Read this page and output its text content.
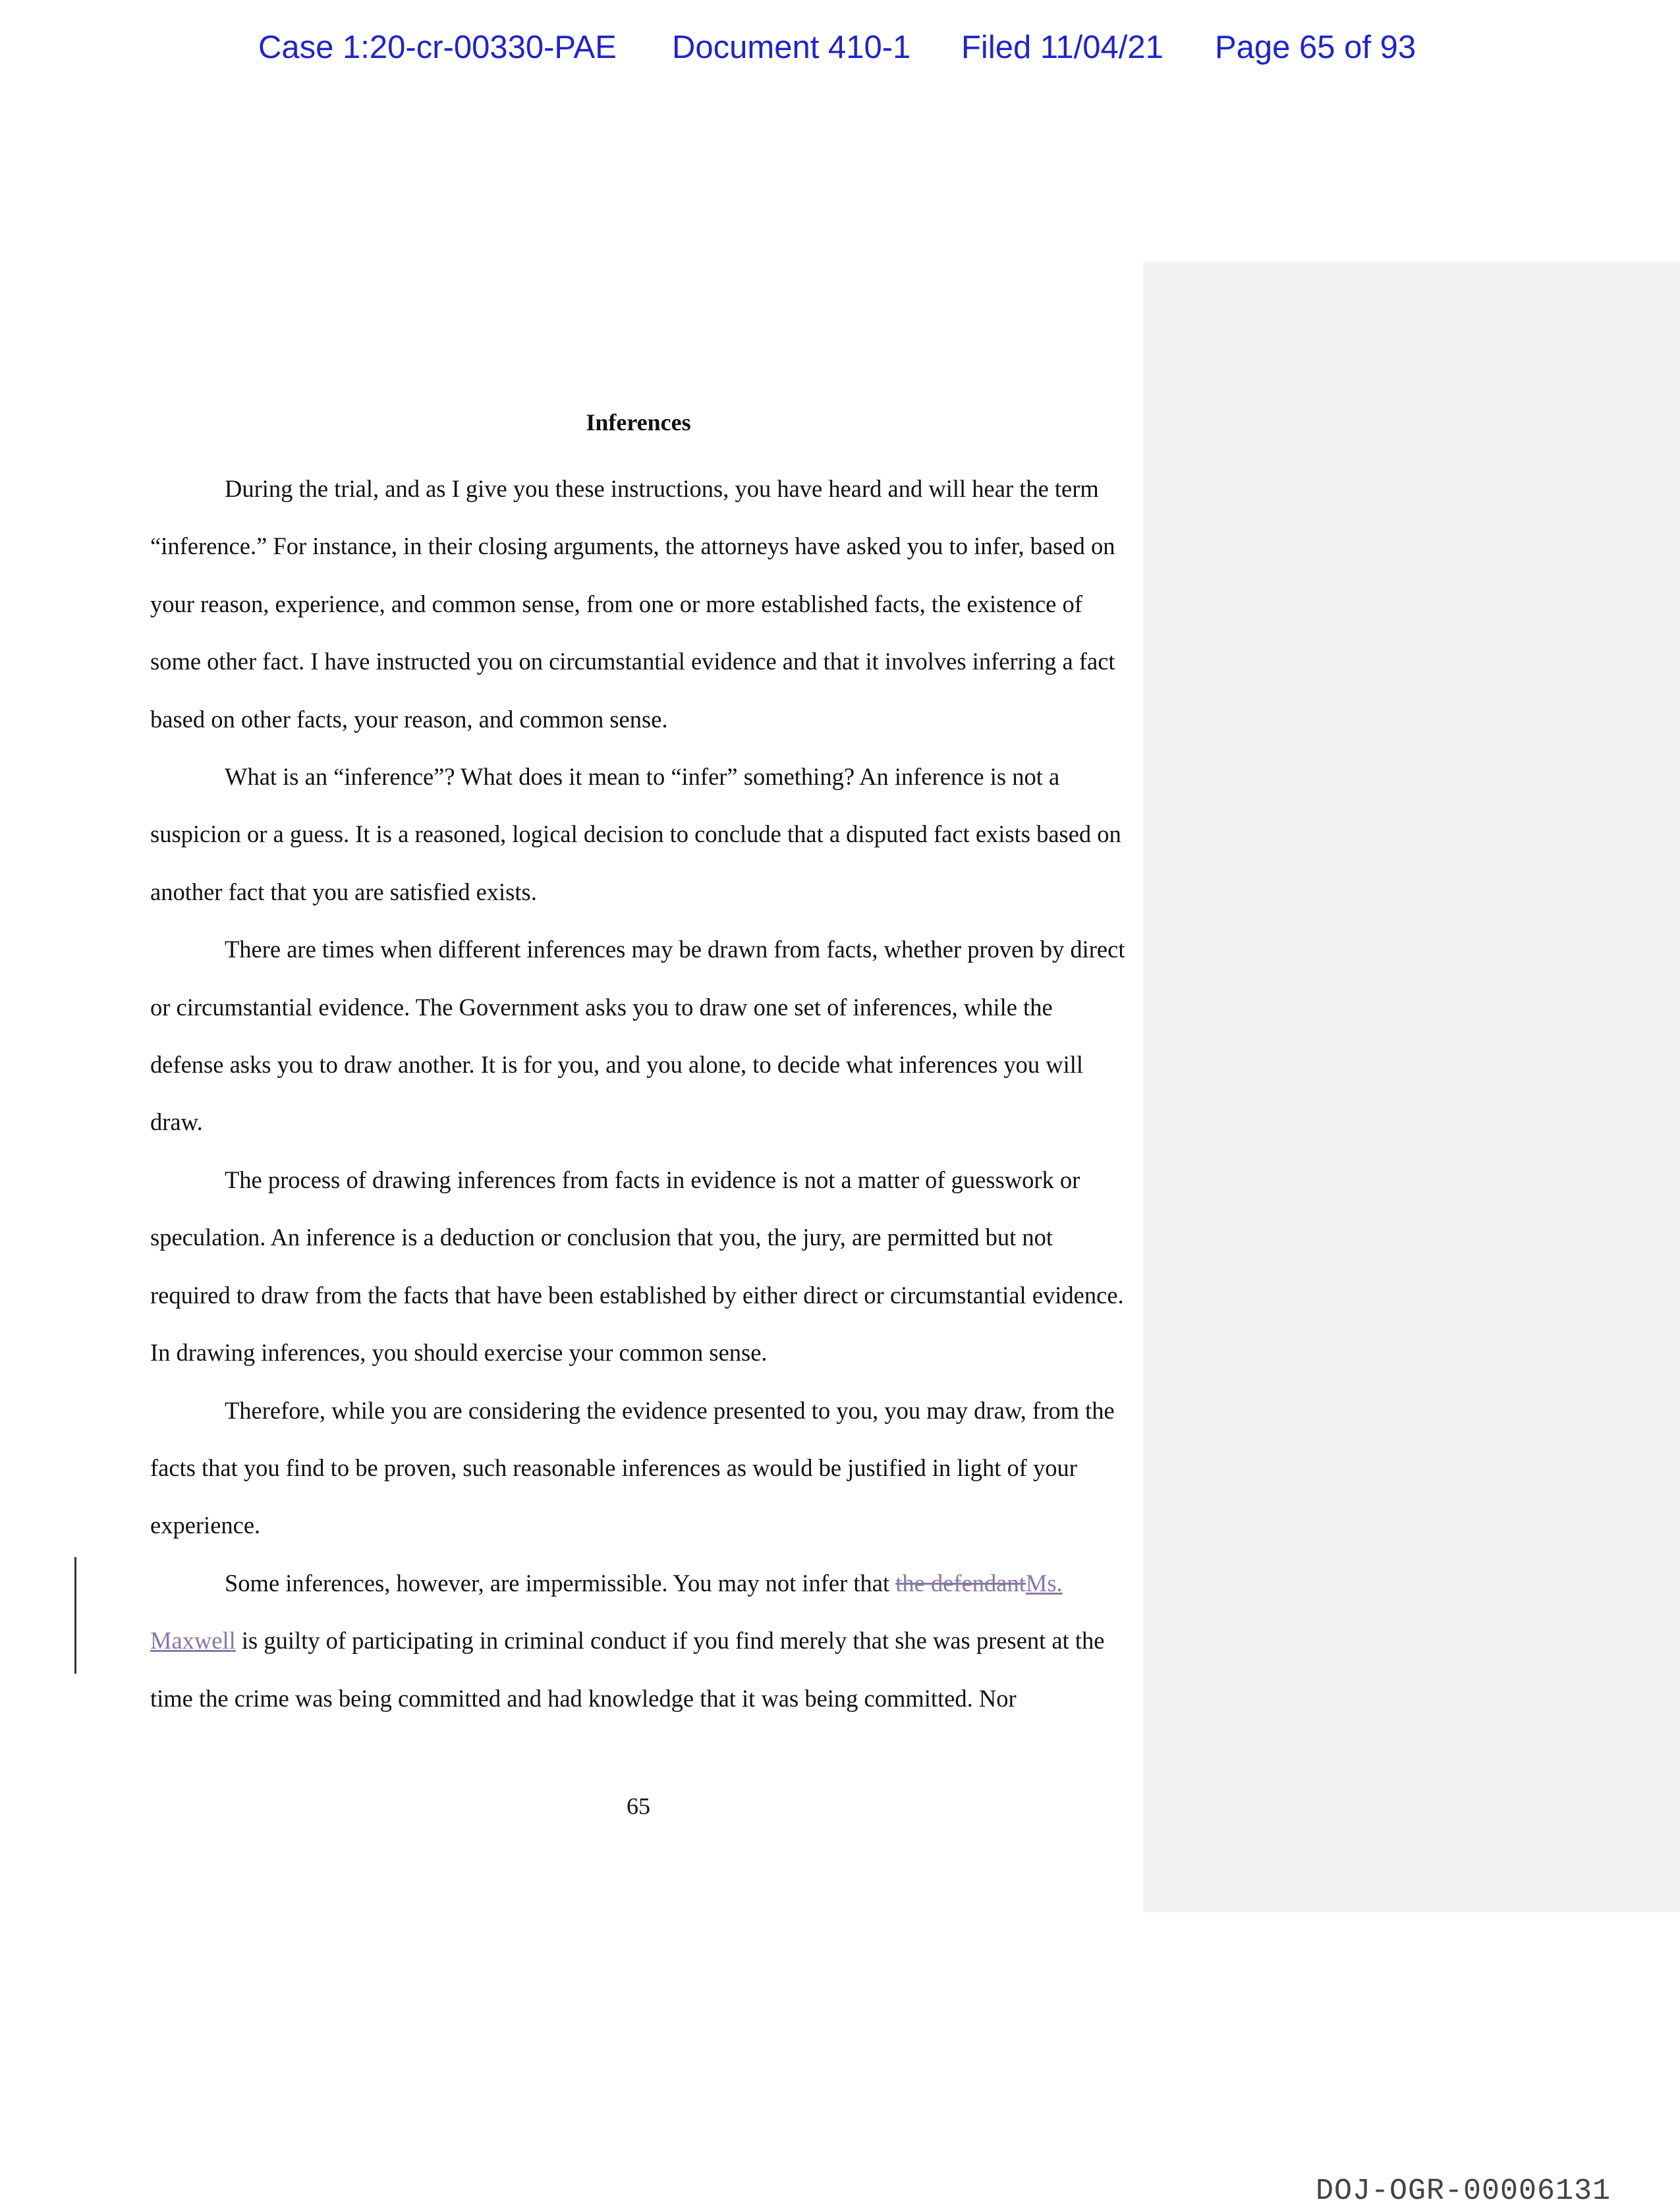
Case 1:20-cr-00330-PAE Document 410-1 Filed 11/04/21 Page 65 of 93
Inferences

During the trial, and as I give you these instructions, you have heard and will hear the term “inference.” For instance, in their closing arguments, the attorneys have asked you to infer, based on your reason, experience, and common sense, from one or more established facts, the existence of some other fact. I have instructed you on circumstantial evidence and that it involves inferring a fact based on other facts, your reason, and common sense.

What is an “inference”? What does it mean to “infer” something? An inference is not a suspicion or a guess. It is a reasoned, logical decision to conclude that a disputed fact exists based on another fact that you are satisfied exists.

There are times when different inferences may be drawn from facts, whether proven by direct or circumstantial evidence. The Government asks you to draw one set of inferences, while the defense asks you to draw another. It is for you, and you alone, to decide what inferences you will draw.

The process of drawing inferences from facts in evidence is not a matter of guesswork or speculation. An inference is a deduction or conclusion that you, the jury, are permitted but not required to draw from the facts that have been established by either direct or circumstantial evidence. In drawing inferences, you should exercise your common sense.

Therefore, while you are considering the evidence presented to you, you may draw, from the facts that you find to be proven, such reasonable inferences as would be justified in light of your experience.

Some inferences, however, are impermissible. You may not infer that the defendantMs. Maxwell is guilty of participating in criminal conduct if you find merely that she was present at the time the crime was being committed and had knowledge that it was being committed. Nor

65
DOJ-OGR-00006131
